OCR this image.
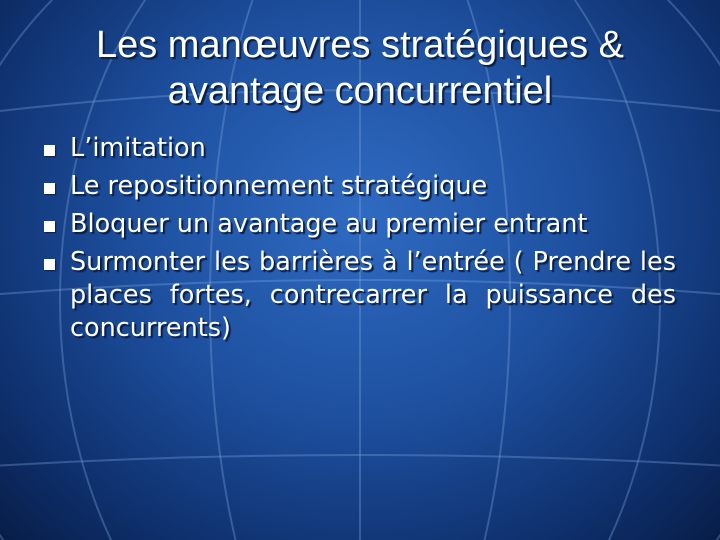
Les manœuvres stratégiques & avantage concurrentiel
L’imitation
Le repositionnement stratégique
Bloquer un avantage au premier entrant
Surmonter les barrières à l’entrée ( Prendre les places fortes, contrecarrer la puissance des concurrents)
